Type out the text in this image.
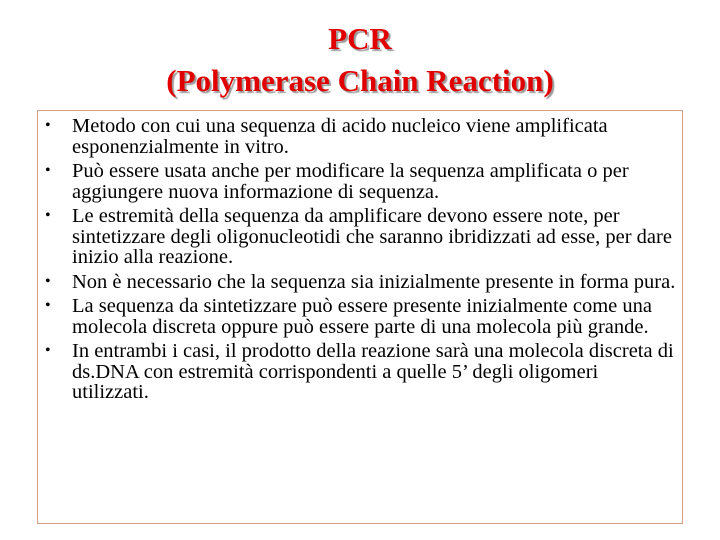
PCR
(Polymerase Chain Reaction)
• Metodo con cui una sequenza di acido nucleico viene amplificata esponenzialmente in vitro.
• Può essere usata anche per modificare la sequenza amplificata o per aggiungere nuova informazione di sequenza.
• Le estremità della sequenza da amplificare devono essere note, per sintetizzare degli oligonucleotidi che saranno ibridizzati ad esse, per dare inizio alla reazione.
• Non è necessario che la sequenza sia inizialmente presente in forma pura.
• La sequenza da sintetizzare può essere presente inizialmente come una molecola discreta oppure può essere parte di una molecola più grande.
• In entrambi i casi, il prodotto della reazione sarà una molecola discreta di ds.DNA con estremità corrispondenti a quelle 5’ degli oligomeri utilizzati.
